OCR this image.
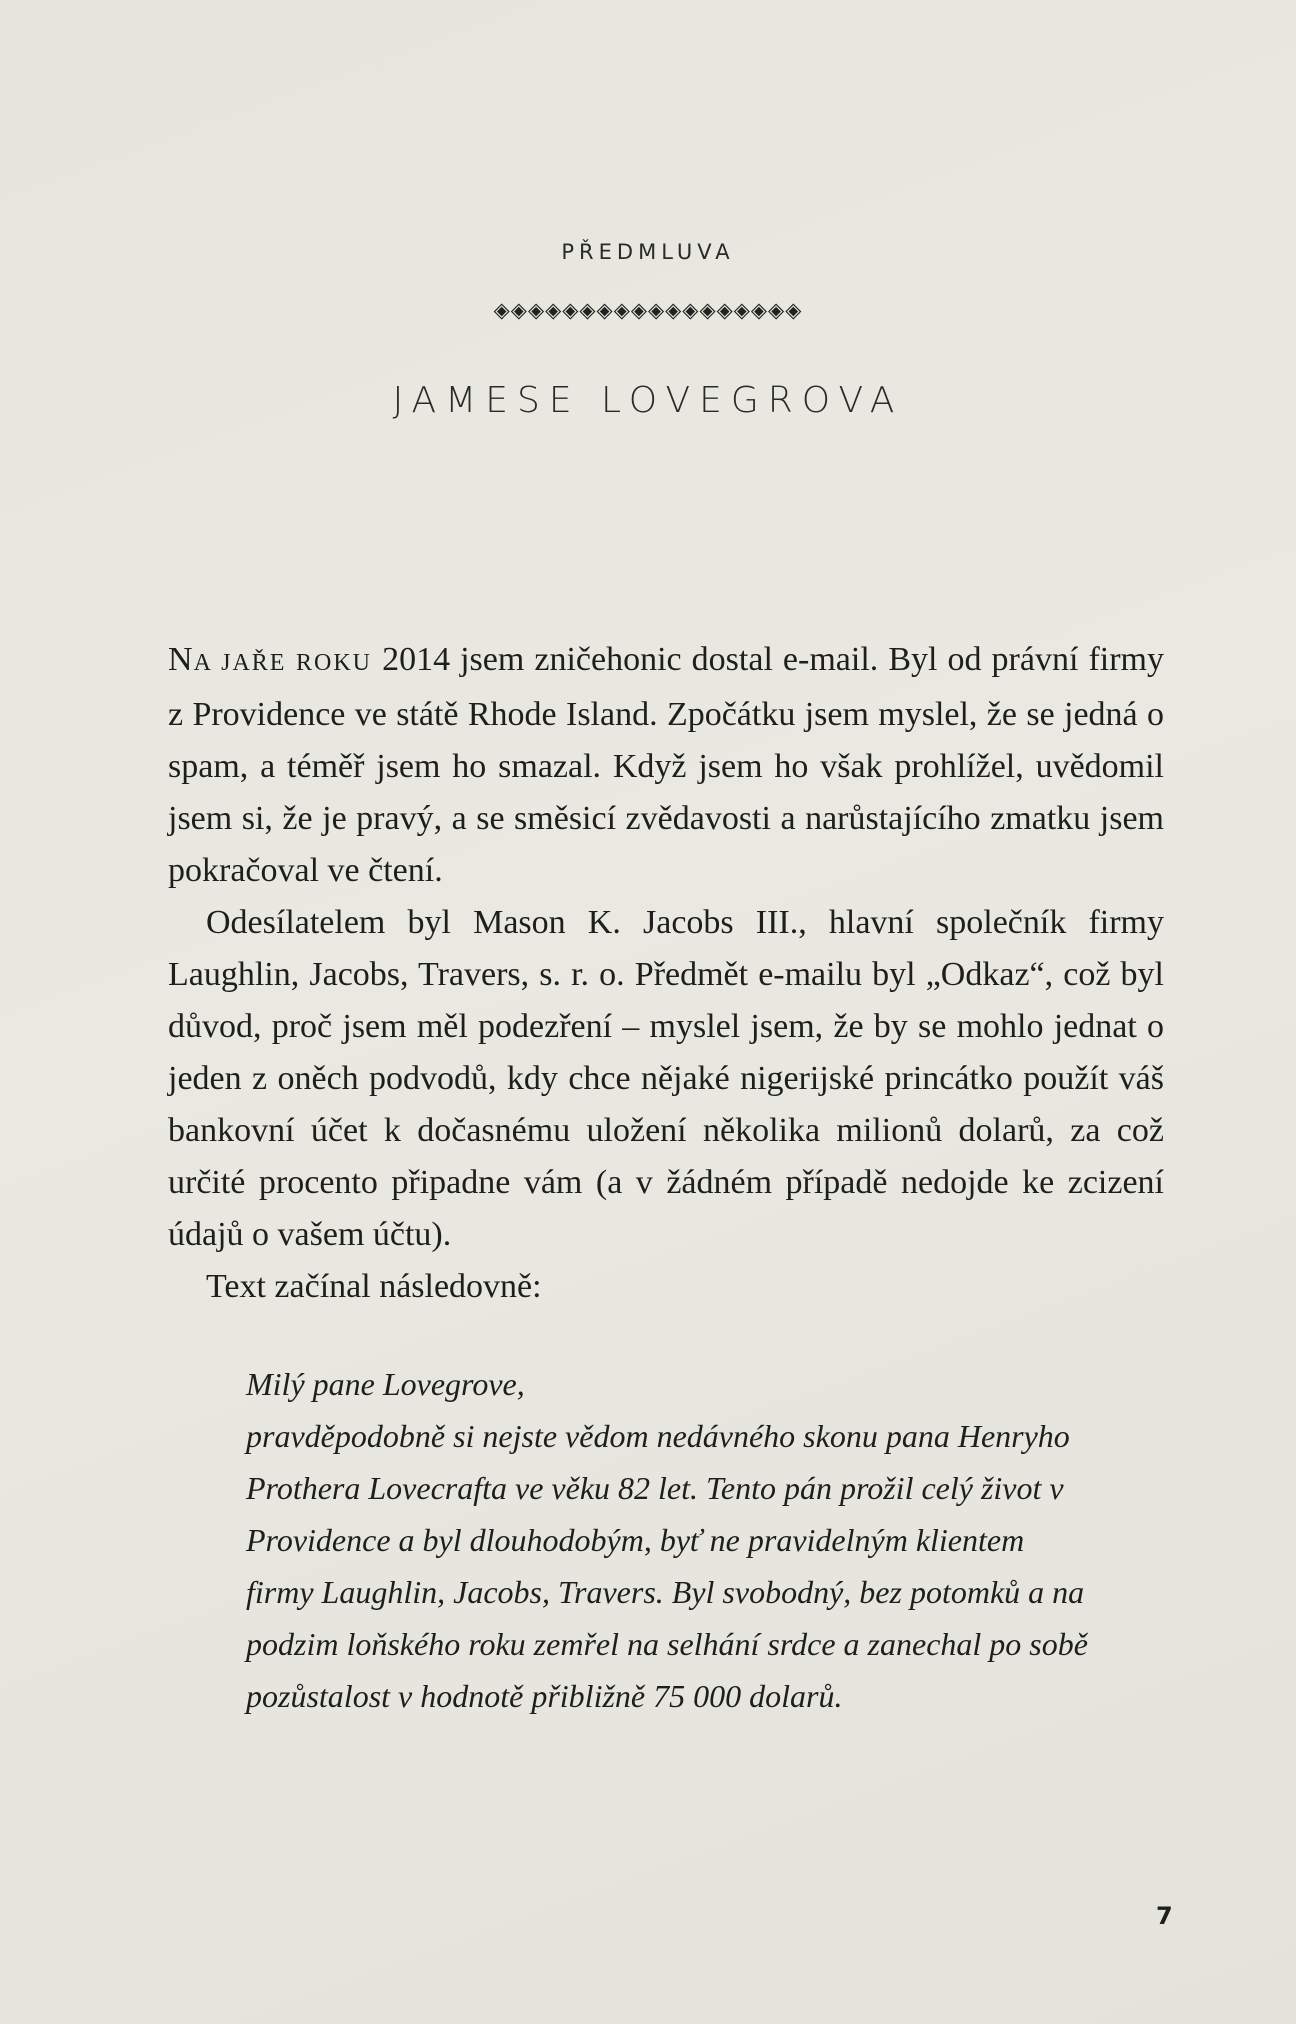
PŘEDMLUVA
◈◈◈◈◈◈◈◈◈◈◈◈◈◈◈◈◈◈
JAMESE LOVEGROVA

NA JAŘE ROKU 2014 jsem zničehonic dostal e-mail. Byl od právní firmy z Providence ve státě Rhode Island. Zpočátku jsem myslel, že se jedná o spam, a téměř jsem ho smazal. Když jsem ho však prohlížel, uvědomil jsem si, že je pravý, a se směsicí zvědavosti a narůstajícího zmatku jsem pokračoval ve čtení.

Odesílatelem byl Mason K. Jacobs III., hlavní společník firmy Laughlin, Jacobs, Travers, s. r. o. Předmět e-mailu byl „Odkaz“, což byl důvod, proč jsem měl podezření – myslel jsem, že by se mohlo jednat o jeden z oněch podvodů, kdy chce nějaké nigerijské princátko použít váš bankovní účet k dočasnému uložení několika milionů dolarů, za což určité procento připadne vám (a v žádném případě nedojde ke zcizení údajů o vašem účtu).

Text začínal následovně:

Milý pane Lovegrove,

pravděpodobně si nejste vědom nedávného skonu pana Henryho Prothera Lovecrafta ve věku 82 let. Tento pán prožil celý život v Providence a byl dlouhodobým, byť ne pravidelným klientem firmy Laughlin, Jacobs, Travers. Byl svobodný, bez potomků a na podzim loňského roku zemřel na selhání srdce a zanechal po sobě pozůstalost v hodnotě přibližně 75 000 dolarů.

7
